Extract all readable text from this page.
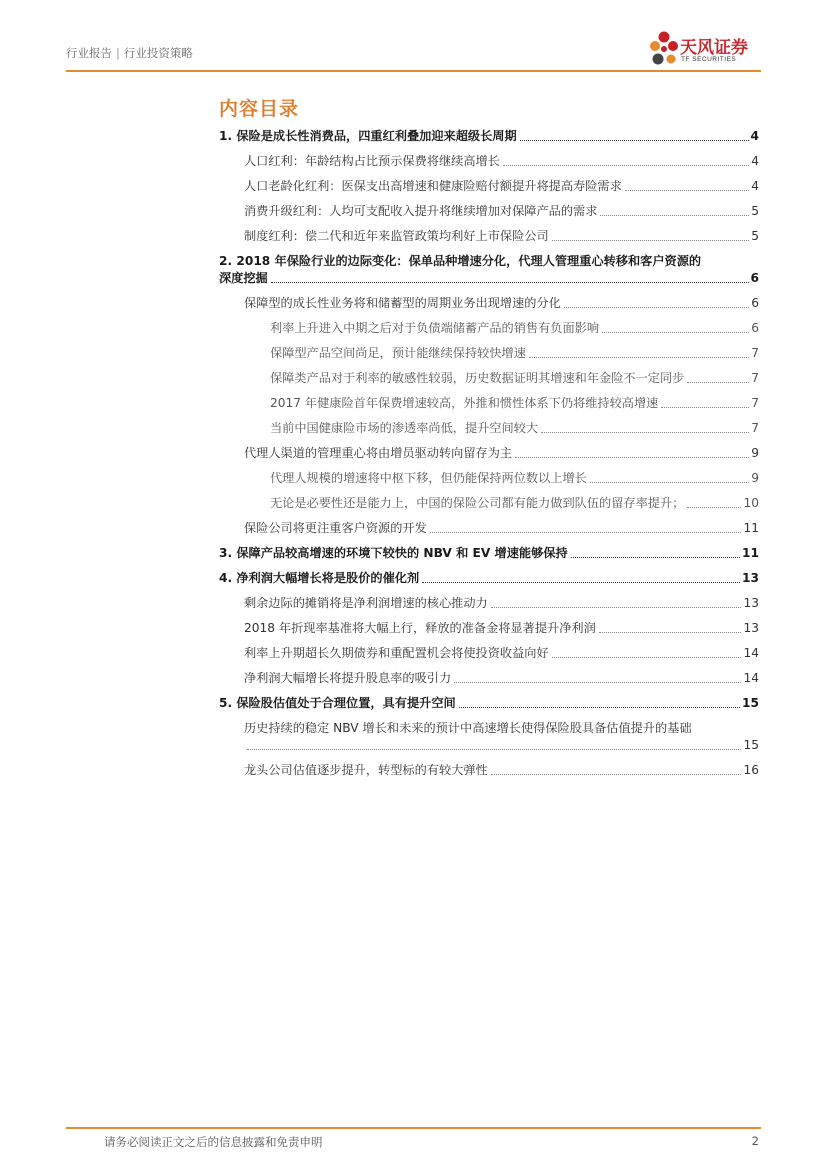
行业报告 | 行业投资策略	天风证券
TF SECURITIES
内容目录
1. 保险是成长性消费品，四重红利叠加迎来超级长周期	4
人口红利：年龄结构占比预示保费将继续高增长	4
人口老龄化红利：医保支出高增速和健康险赔付额提升将提高寿险需求	4
消费升级红利：人均可支配收入提升将继续增加对保障产品的需求	5
制度红利：偿二代和近年来监管政策均利好上市保险公司	5
2. 2018 年保险行业的边际变化：保单品种增速分化，代理人管理重心转移和客户资源的
深度挖掘	6
保障型的成长性业务将和储蓄型的周期业务出现增速的分化	6
利率上升进入中期之后对于负债端储蓄产品的销售有负面影响	6
保障型产品空间尚足，预计能继续保持较快增速	7
保障类产品对于利率的敏感性较弱，历史数据证明其增速和年金险不一定同步	7
2017 年健康险首年保费增速较高，外推和惯性体系下仍将维持较高增速	7
当前中国健康险市场的渗透率尚低，提升空间较大	7
代理人渠道的管理重心将由增员驱动转向留存为主	9
代理人规模的增速将中枢下移，但仍能保持两位数以上增长	9
无论是必要性还是能力上，中国的保险公司都有能力做到队伍的留存率提升；	10
保险公司将更注重客户资源的开发	11
3. 保障产品较高增速的环境下较快的 NBV 和 EV 增速能够保持	11
4. 净利润大幅增长将是股价的催化剂	13
剩余边际的摊销将是净利润增速的核心推动力	13
2018 年折现率基准将大幅上行，释放的准备金将显著提升净利润	13
利率上升期超长久期债券和重配置机会将使投资收益向好	14
净利润大幅增长将提升股息率的吸引力	14
5. 保险股估值处于合理位置，具有提升空间	15
历史持续的稳定 NBV 增长和未来的预计中高速增长使得保险股具备估值提升的基础
15
龙头公司估值逐步提升，转型标的有较大弹性	16
请务必阅读正文之后的信息披露和免责申明	2
